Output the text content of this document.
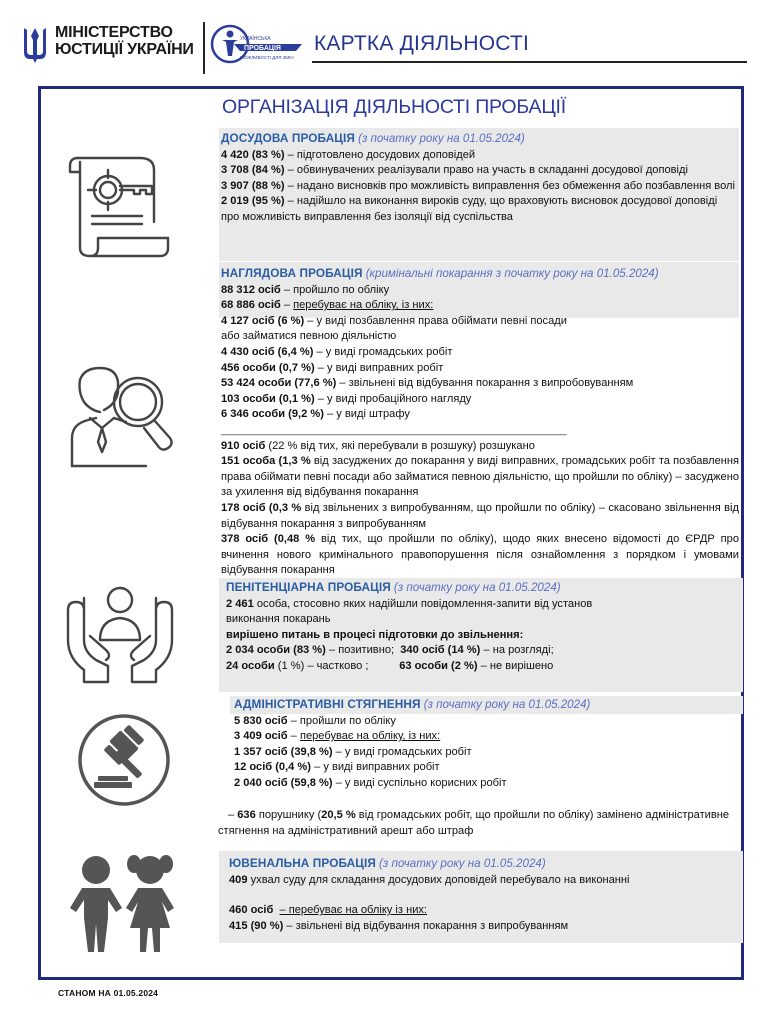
МІНІСТЕРСТВО
ЮСТИЦІЇ УКРАЇНИ
УКРАЇНСЬКА
ПРОБАЦІЯ
МОЖЛИВОСТІ ДЛЯ ЗМІН
КАРТКА ДІЯЛЬНОСТІ
ОРГАНІЗАЦІЯ ДІЯЛЬНОСТІ ПРОБАЦІЇ
ДОСУДОВА ПРОБАЦІЯ (з початку року на 01.05.2024)
4 420 (83 %) – підготовлено досудових доповідей
3 708 (84 %) – обвинувачених реалізували право на участь в складанні досудової доповіді
3 907 (88 %) – надано висновків про можливість виправлення без обмеження або позбавлення волі
2 019 (95 %) – надійшло на виконання вироків суду, що враховують висновок досудової доповіді про можливість виправлення без ізоляції від суспільства
НАГЛЯДОВА ПРОБАЦІЯ (кримінальні покарання з початку року на 01.05.2024)
88 312 осіб – пройшло по обліку
68 886 осіб – перебуває на обліку, із них:
4 127 осіб (6 %) – у виді позбавлення права обіймати певні посади
або займатися певною діяльністю
4 430 осіб (6,4 %) – у виді громадських робіт
456 особи (0,7 %) – у виді виправних робіт
53 424 особи (77,6 %) – звільнені від відбування покарання з випробовуванням
103 особи (0,1 %) – у виді пробаційного нагляду
6 346 особи (9,2 %) – у виді штрафу
________________________________________________________
910 осіб (22 % від тих, які перебували в розшуку) розшукано
151 особа (1,3 % від засуджених до покарання у виді виправних, громадських робіт та позбавлення права обіймати певні посади або займатися певною діяльністю, що пройшли по обліку) – засуджено за ухилення від відбування покарання
178 осіб (0,3 % від звільнених з випробуванням, що пройшли по обліку) – скасовано звільнення від відбування покарання з випробуванням
378 осіб (0,48 % від тих, що пройшли по обліку), щодо яких внесено відомості до ЄРДР про вчинення нового кримінального правопорушення після ознайомлення з порядком і умовами відбування покарання
ПЕНІТЕНЦІАРНА ПРОБАЦІЯ (з початку року на 01.05.2024)
2 461 особа, стосовно яких надійшли повідомлення-запити від установ
виконання покарань
вирішено питань в процесі підготовки до звільнення:
2 034 особи (83 %) – позитивно; 340 осіб (14 %) – на розгляді;
24 особи (1 %) – частково ;	63 особи (2 %) – не вирішено
АДМІНІСТРАТИВНІ СТЯГНЕННЯ (з початку року на 01.05.2024)
5 830 осіб – пройшли по обліку
3 409 осіб – перебуває на обліку, із них:
1 357 осіб (39,8 %) – у виді громадських робіт
12 осіб (0,4 %) – у виді виправних робіт
2 040 осіб (59,8 %) – у виді суспільно корисних робіт
– 636 порушнику (20,5 % від громадських робіт, що пройшли по обліку) замінено адміністративне стягнення на адміністративний арешт або штраф
ЮВЕНАЛЬНА ПРОБАЦІЯ (з початку року на 01.05.2024)
409 ухвал суду для складання досудових доповідей перебувало на виконанні
460 осіб – перебуває на обліку із них:
415 (90 %) – звільнені від відбування покарання з випробуванням
СТАНОМ НА 01.05.2024
